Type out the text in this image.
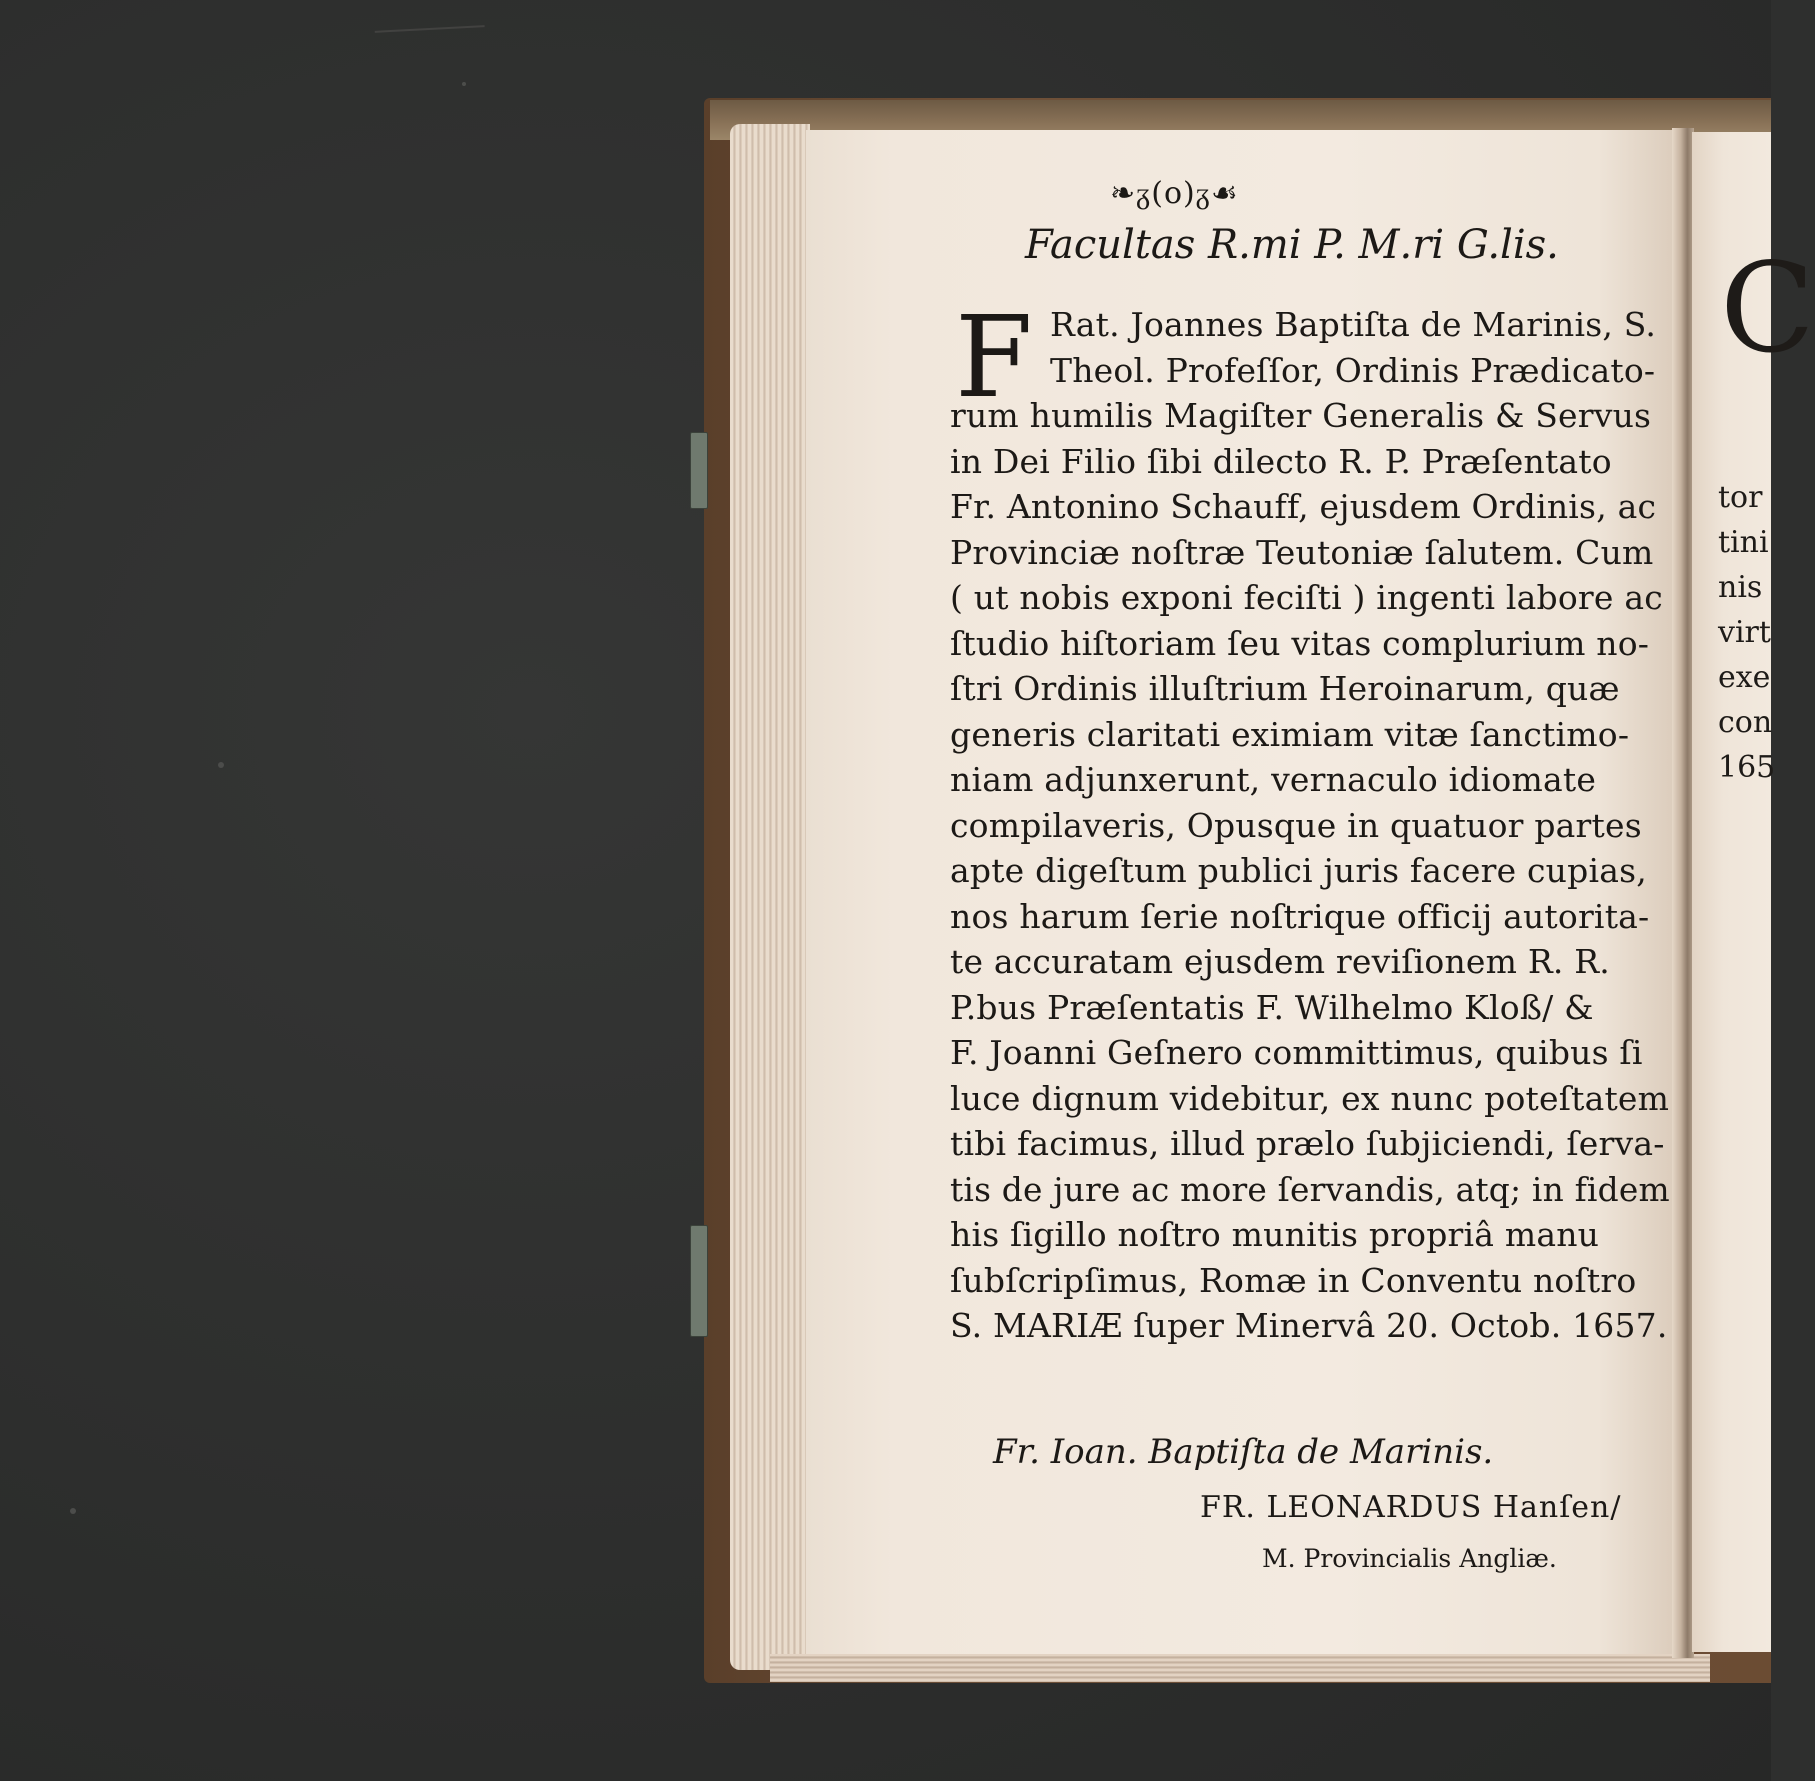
C
tor
tini
nis
virt
exe
con
165
❧ᵹ(o)ᵹ☙
Facultas R.mi P. M.ri G.lis.
F Rat. Joannes Baptiſta de Marinis, S.
Theol. Profeſſor, Ordinis Prædicato-
rum humilis Magiſter Generalis & Servus
in Dei Filio ſibi dilecto R. P. Præſentato
Fr. Antonino Schauff, ejusdem Ordinis, ac
Provinciæ noſtræ Teutoniæ ſalutem. Cum
( ut nobis exponi feciſti ) ingenti labore ac
ſtudio hiſtoriam ſeu vitas complurium no-
ſtri Ordinis illuſtrium Heroinarum, quæ
generis claritati eximiam vitæ ſanctimo-
niam adjunxerunt, vernaculo idiomate
compilaveris, Opusque in quatuor partes
apte digeſtum publici juris facere cupias,
nos harum ſerie noſtrique officij autorita-
te accuratam ejusdem reviſionem R. R.
P.bus Præſentatis F. Wilhelmo Kloß/ &
F. Joanni Geſnero committimus, quibus ſi
luce dignum videbitur, ex nunc poteſtatem
tibi facimus, illud prælo ſubjiciendi, ſerva-
tis de jure ac more ſervandis, atq; in fidem
his ſigillo noſtro munitis propriâ manu
ſubſcripſimus, Romæ in Conventu noſtro
S. MARIÆ ſuper Minervâ 20. Octob. 1657.
Fr. Ioan. Baptiſta de Marinis.
FR. LEONARDUS Hanſen/
M. Provincialis Angliæ.
